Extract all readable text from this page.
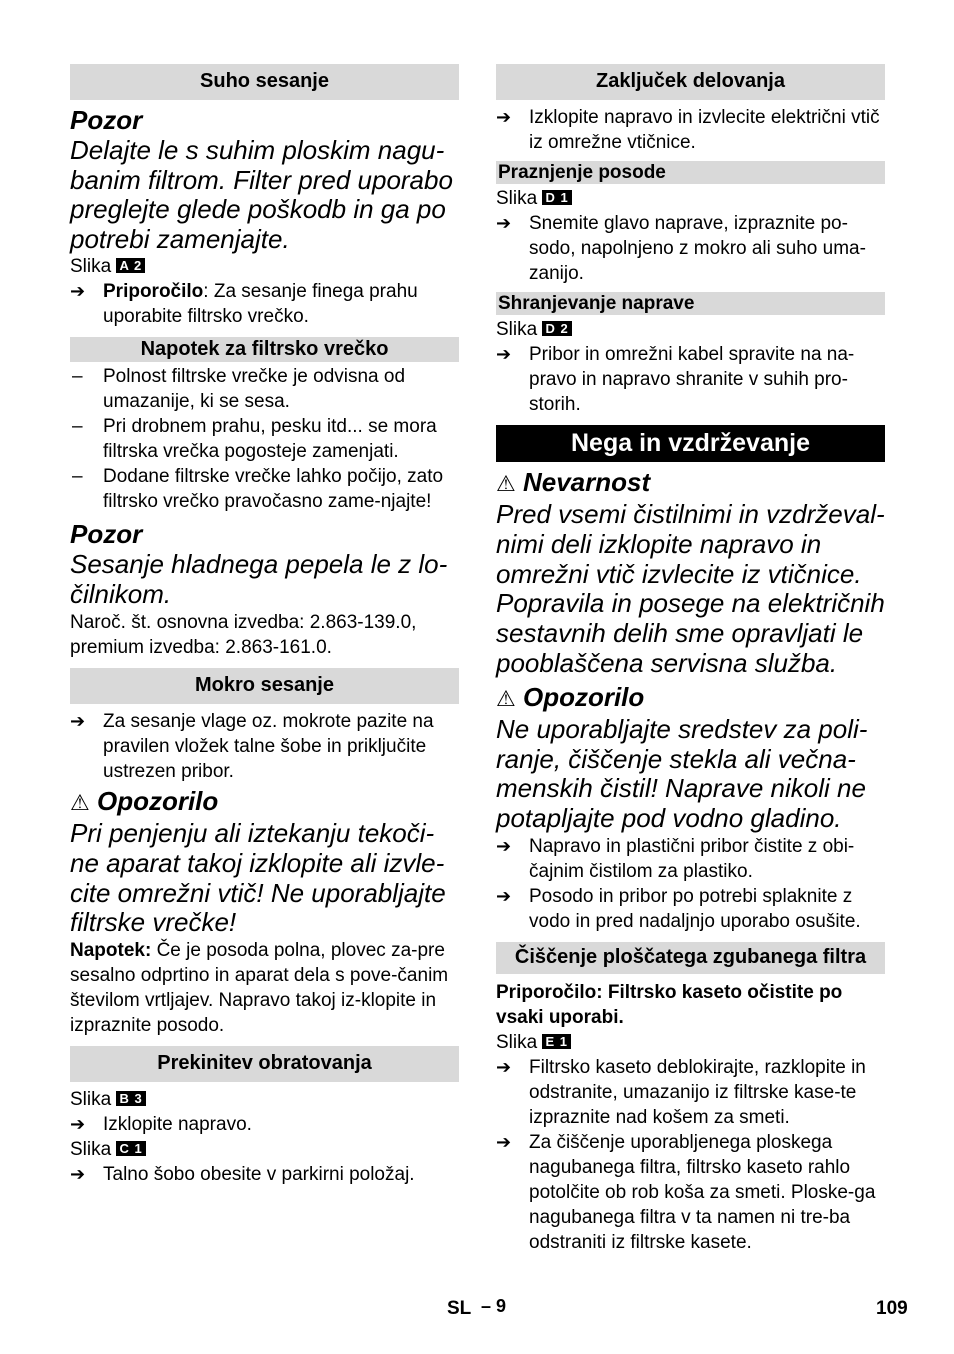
Suho sesanje
Pozor
Delajte le s suhim ploskim nagu-banim filtrom. Filter pred uporabo preglejte glede poškodb in ga po potrebi zamenjajte.
Slika A 2
➔ Priporočilo: Za sesanje finega prahu uporabite filtrsko vrečko.
Napotek za filtrsko vrečko
–	Polnost filtrske vrečke je odvisna od umazanije, ki se sesa.
–	Pri drobnem prahu, pesku itd... se mora filtrska vrečka pogosteje zamenjati.
–	Dodane filtrske vrečke lahko počijo, zato filtrsko vrečko pravočasno zame-njajte!
Pozor
Sesanje hladnega pepela le z lo-čilnikom.
Naroč. št. osnovna izvedba: 2.863-139.0, premium izvedba: 2.863-161.0.
Mokro sesanje
➔ Za sesanje vlage oz. mokrote pazite na pravilen vložek talne šobe in priključite ustrezen pribor.
⚠ Opozorilo
Pri penjenju ali iztekanju tekoči-ne aparat takoj izklopite ali izvle-cite omrežni vtič! Ne uporabljajte filtrske vrečke!
Napotek: Če je posoda polna, plovec za-pre sesalno odprtino in aparat dela s pove-čanim številom vrtljajev. Napravo takoj iz-klopite in izpraznite posodo.
Prekinitev obratovanja
Slika B 3
➔ Izklopite napravo.
Slika C 1
➔ Talno šobo obesite v parkirni položaj.
Zaključek delovanja
➔ Izklopite napravo in izvlecite električni vtič iz omrežne vtičnice.
Praznjenje posode
Slika D 1
➔ Snemite glavo naprave, izpraznite po-sodo, napolnjeno z mokro ali suho uma-zanijo.
Shranjevanje naprave
Slika D 2
➔ Pribor in omrežni kabel spravite na na-pravo in napravo shranite v suhih pro-storih.
Nega in vzdrževanje
⚠ Nevarnost
Pred vsemi čistilnimi in vzdrževal-nimi deli izklopite napravo in omrežni vtič izvlecite iz vtičnice. Popravila in posege na električnih sestavnih delih sme opravljati le pooblaščena servisna služba.
⚠ Opozorilo
Ne uporabljajte sredstev za poli-ranje, čiščenje stekla ali večna-menskih čistil! Naprave nikoli ne potapljajte pod vodno gladino.
➔ Napravo in plastični pribor čistite z obi-čajnim čistilom za plastiko.
➔ Posodo in pribor po potrebi splaknite z vodo in pred nadaljnjo uporabo osušite.
Čiščenje ploščatega zgubanega filtra
Priporočilo: Filtrsko kaseto očistite po vsaki uporabi.
Slika E 1
➔ Filtrsko kaseto deblokirajte, razklopite in odstranite, umazanijo iz filtrske kase-te izpraznite nad košem za smeti.
➔ Za čiščenje uporabljenega ploskega nagubanega filtra, filtrsko kaseto rahlo potolčite ob rob koša za smeti. Ploske-ga nagubanega filtra v ta namen ni tre-ba odstraniti iz filtrske kasete.
SL – 9	109
